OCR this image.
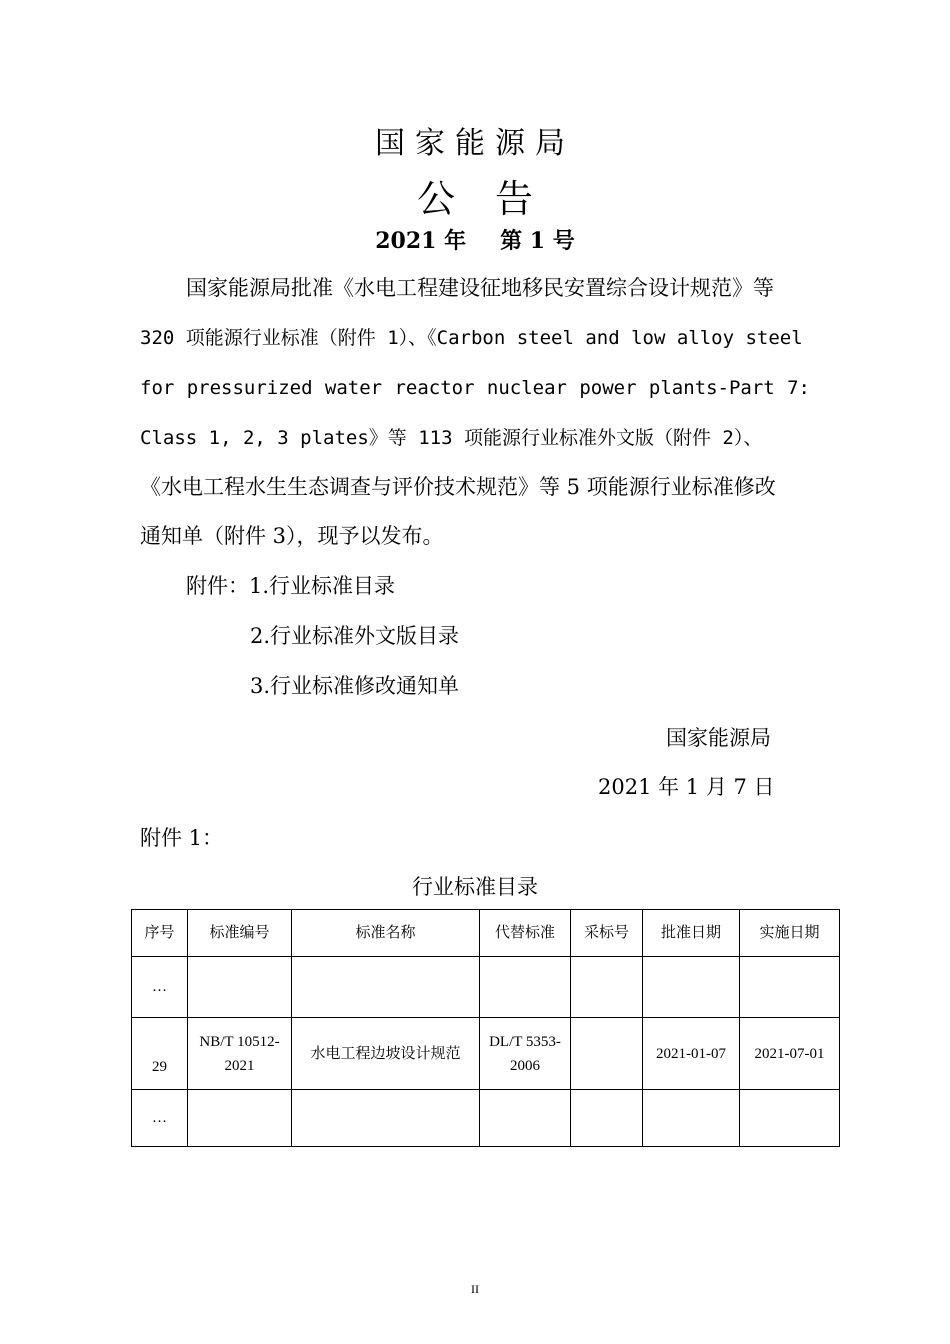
国家能源局
公告
2021 年 第 1 号
国家能源局批准《水电工程建设征地移民安置综合设计规范》等
320 项能源行业标准（附件 1）、《Carbon steel and low alloy steel
for pressurized water reactor nuclear power plants-Part 7:
Class 1, 2, 3 plates》等 113 项能源行业标准外文版（附件 2）、
《水电工程水生生态调查与评价技术规范》等 5 项能源行业标准修改
通知单（附件 3），现予以发布。
附件：1.行业标准目录
2.行业标准外文版目录
3.行业标准修改通知单
国家能源局
2021 年 1 月 7 日
附件 1：
行业标准目录
序号	标准编号	标准名称	代替标准	采标号	批准日期	实施日期
…						
29	NB/T 10512-2021	水电工程边坡设计规范	DL/T 5353-2006		2021-01-07	2021-07-01
…						
II
